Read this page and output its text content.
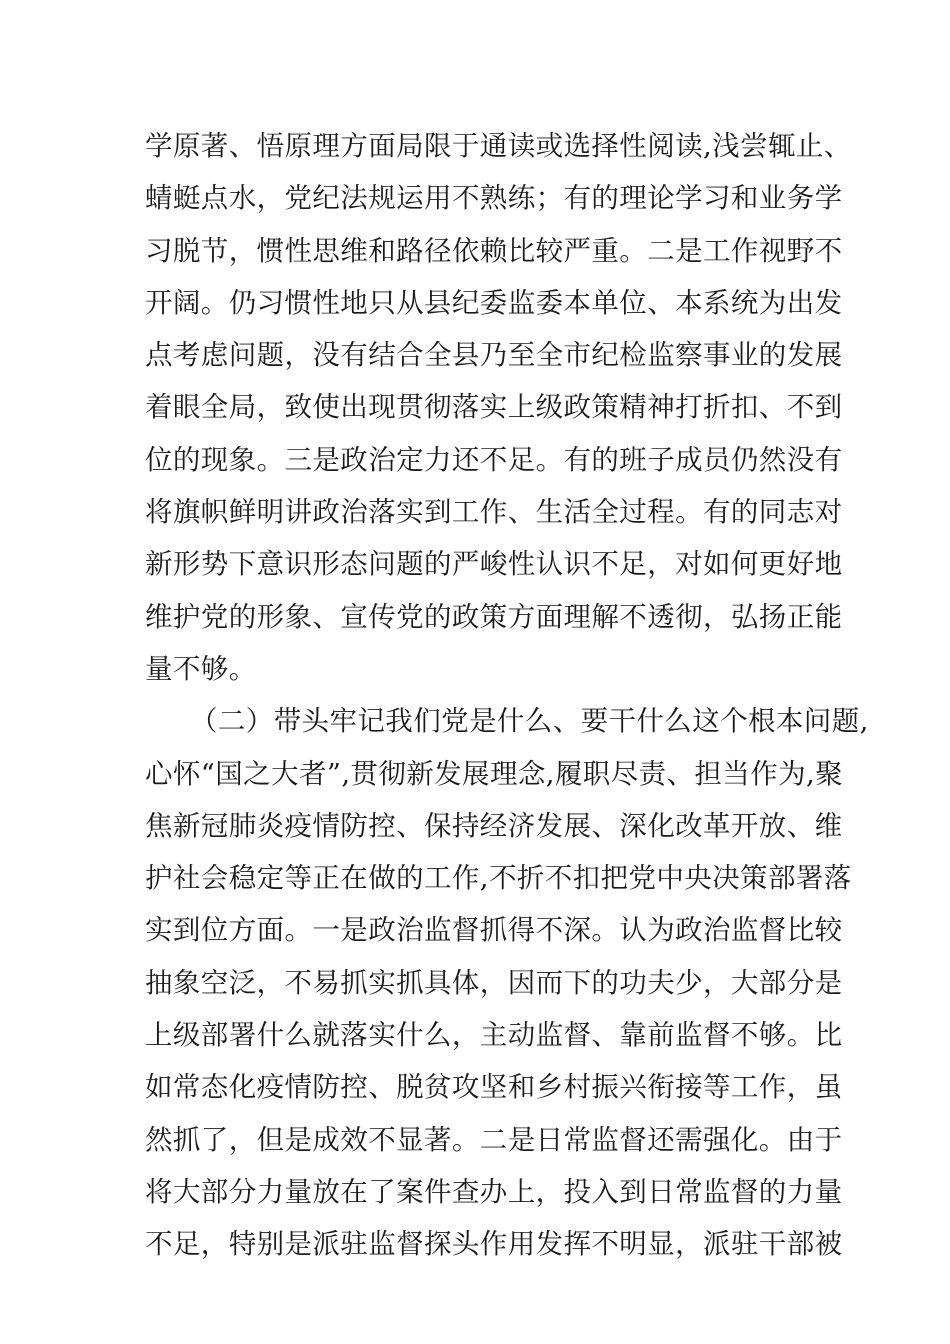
学原著、悟原理方面局限于通读或选择性阅读,浅尝辄止、
蜻蜓点水，党纪法规运用不熟练；有的理论学习和业务学
习脱节，惯性思维和路径依赖比较严重。二是工作视野不
开阔。仍习惯性地只从县纪委监委本单位、本系统为出发
点考虑问题，没有结合全县乃至全市纪检监察事业的发展
着眼全局，致使出现贯彻落实上级政策精神打折扣、不到
位的现象。三是政治定力还不足。有的班子成员仍然没有
将旗帜鲜明讲政治落实到工作、生活全过程。有的同志对
新形势下意识形态问题的严峻性认识不足，对如何更好地
维护党的形象、宣传党的政策方面理解不透彻，弘扬正能
量不够。
（二）带头牢记我们党是什么、要干什么这个根本问题,
心怀“国之大者”,贯彻新发展理念,履职尽责、担当作为,聚
焦新冠肺炎疫情防控、保持经济发展、深化改革开放、维
护社会稳定等正在做的工作,不折不扣把党中央决策部署落
实到位方面。一是政治监督抓得不深。认为政治监督比较
抽象空泛，不易抓实抓具体，因而下的功夫少，大部分是
上级部署什么就落实什么，主动监督、靠前监督不够。比
如常态化疫情防控、脱贫攻坚和乡村振兴衔接等工作，虽
然抓了，但是成效不显著。二是日常监督还需强化。由于
将大部分力量放在了案件查办上，投入到日常监督的力量
不足，特别是派驻监督探头作用发挥不明显，派驻干部被
